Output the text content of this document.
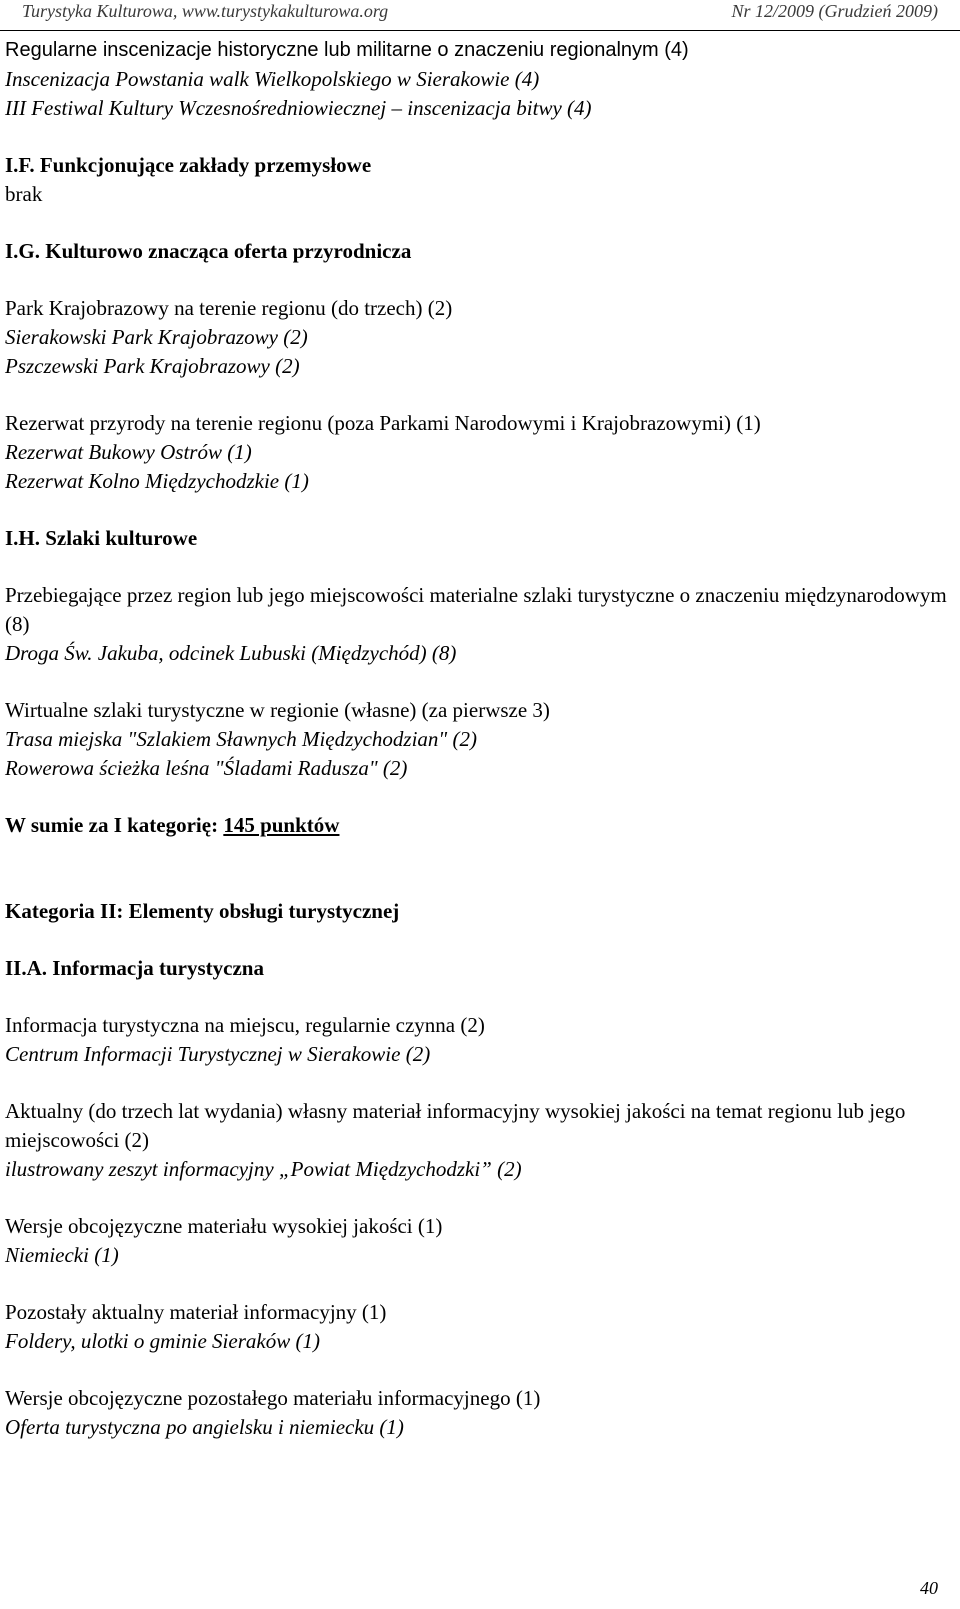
Turystyka Kulturowa, www.turystykakulturowa.org	Nr 12/2009 (Grudzień 2009)
Regularne inscenizacje historyczne lub militarne o znaczeniu regionalnym (4)
Inscenizacja Powstania walk Wielkopolskiego w Sierakowie (4)
III Festiwal Kultury Wczesnośredniowiecznej – inscenizacja bitwy (4)
I.F. Funkcjonujące zakłady przemysłowe
brak
I.G. Kulturowo znacząca oferta przyrodnicza
Park Krajobrazowy na terenie regionu (do trzech) (2)
Sierakowski Park Krajobrazowy (2)
Pszczewski Park Krajobrazowy (2)
Rezerwat przyrody na terenie regionu (poza Parkami Narodowymi i Krajobrazowymi) (1)
Rezerwat Bukowy Ostrów (1)
Rezerwat Kolno Międzychodzkie (1)
I.H. Szlaki kulturowe
Przebiegające przez region lub jego miejscowości materialne szlaki turystyczne o znaczeniu międzynarodowym (8)
Droga Św. Jakuba, odcinek Lubuski (Międzychód) (8)
Wirtualne szlaki turystyczne w regionie (własne) (za pierwsze 3)
Trasa miejska "Szlakiem Sławnych Międzychodzian" (2)
Rowerowa ścieżka leśna "Śladami Radusza" (2)
W sumie za I kategorię: 145 punktów
Kategoria II: Elementy obsługi turystycznej
II.A. Informacja turystyczna
Informacja turystyczna na miejscu, regularnie czynna (2)
Centrum Informacji Turystycznej w Sierakowie (2)
Aktualny (do trzech lat wydania) własny materiał informacyjny wysokiej jakości na temat regionu lub jego miejscowości (2)
ilustrowany zeszyt informacyjny „Powiat Międzychodzki” (2)
Wersje obcojęzyczne materiału wysokiej jakości (1)
Niemiecki (1)
Pozostały aktualny materiał informacyjny (1)
Foldery, ulotki o gminie Sieraków (1)
Wersje obcojęzyczne pozostałego materiału informacyjnego (1)
Oferta turystyczna po angielsku i niemiecku (1)
40
